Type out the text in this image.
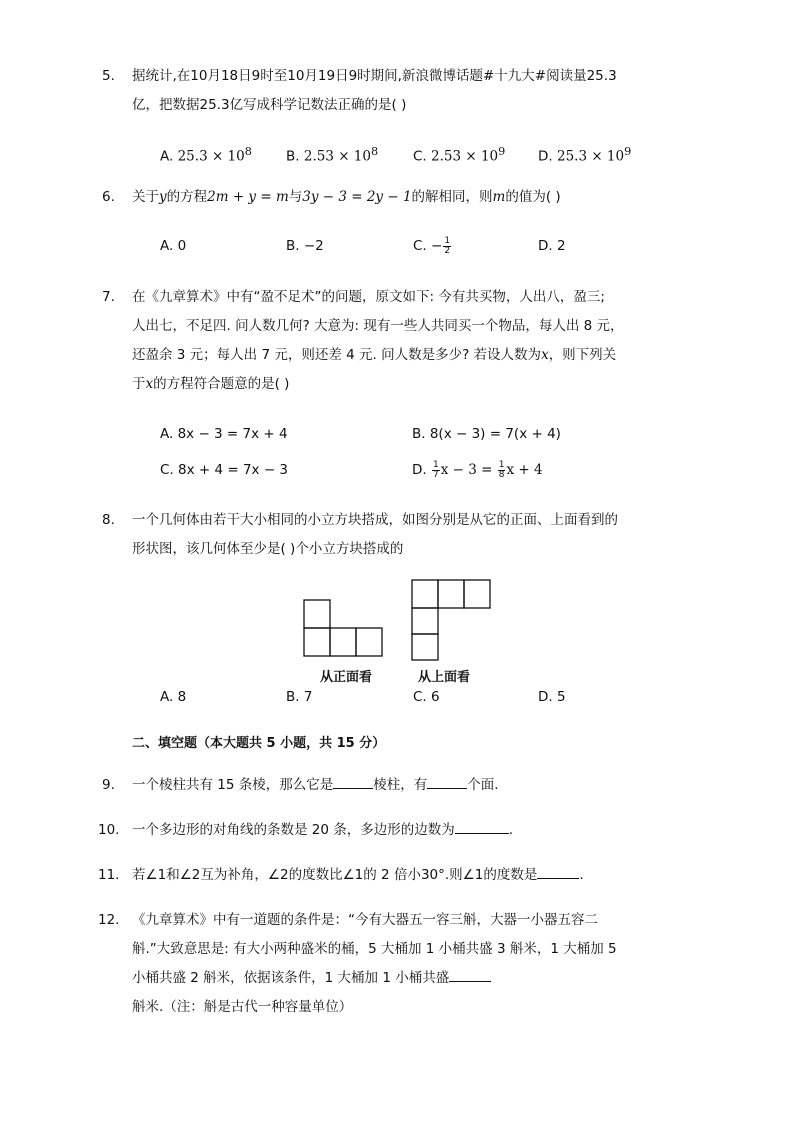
5. 据统计,在10月18日9时至10月19日9时期间,新浪微博话题#十九大#阅读量25.3
亿，把数据25.3亿写成科学记数法正确的是( )
A. $25.3 \times 10^8$	B. $2.53 \times 10^8$	C. $2.53 \times 10^9$ D. $25.3 \times 10^9$
6. 关于y的方程2m + y = m与3y − 3 = 2y − 1的解相同，则m的值为( )
A. 0	B. −2	C. − $\frac{1}{2}$	D. 2
7. 在《九章算术》中有“盈不足术”的问题，原文如下: 今有共买物，人出八，盈三;
人出七，不足四. 问人数几何? 大意为: 现有一些人共同买一个物品，每人出 8 元，
还盈余 3 元；每人出 7 元，则还差 4 元. 问人数是多少? 若设人数为x，则下列关
于x的方程符合题意的是( )
A. 8x − 3 = 7x + 4	B. 8(x − 3) = 7(x + 4)
C. 8x + 4 = 7x − 3	D. $\frac{1}{7}$ $x - 3 = \frac{1}{8}$ x + 4
8. 一个几何体由若干大小相同的小立方块搭成，如图分别是从它的正面、上面看到的
形状图，该几何体至少是( )个小立方块搭成的
从正面看	从上面看
A. 8	B. 7	C. 6	D. 5
二、填空题（本大题共 5 小题，共 15 分）
9. 一个棱柱共有 15 条棱，那么它是	棱柱，有	个面.
10. 一个多边形的对角线的条数是 20 条，多边形的边数为	.
11. 若∠1和∠2互为补角，∠2的度数比∠1的 2 倍小30°.则∠1的度数是	.
12. 《九章算术》中有一道题的条件是：“今有大器五一容三斛，大器一小器五容二
斛.”大致意思是: 有大小两种盛米的桶，5 大桶加 1 小桶共盛 3 斛米，1 大桶加 5
小桶共盛 2 斛米，依据该条件，1 大桶加 1 小桶共盛
斛米.（注：斛是古代一种容量单位）
